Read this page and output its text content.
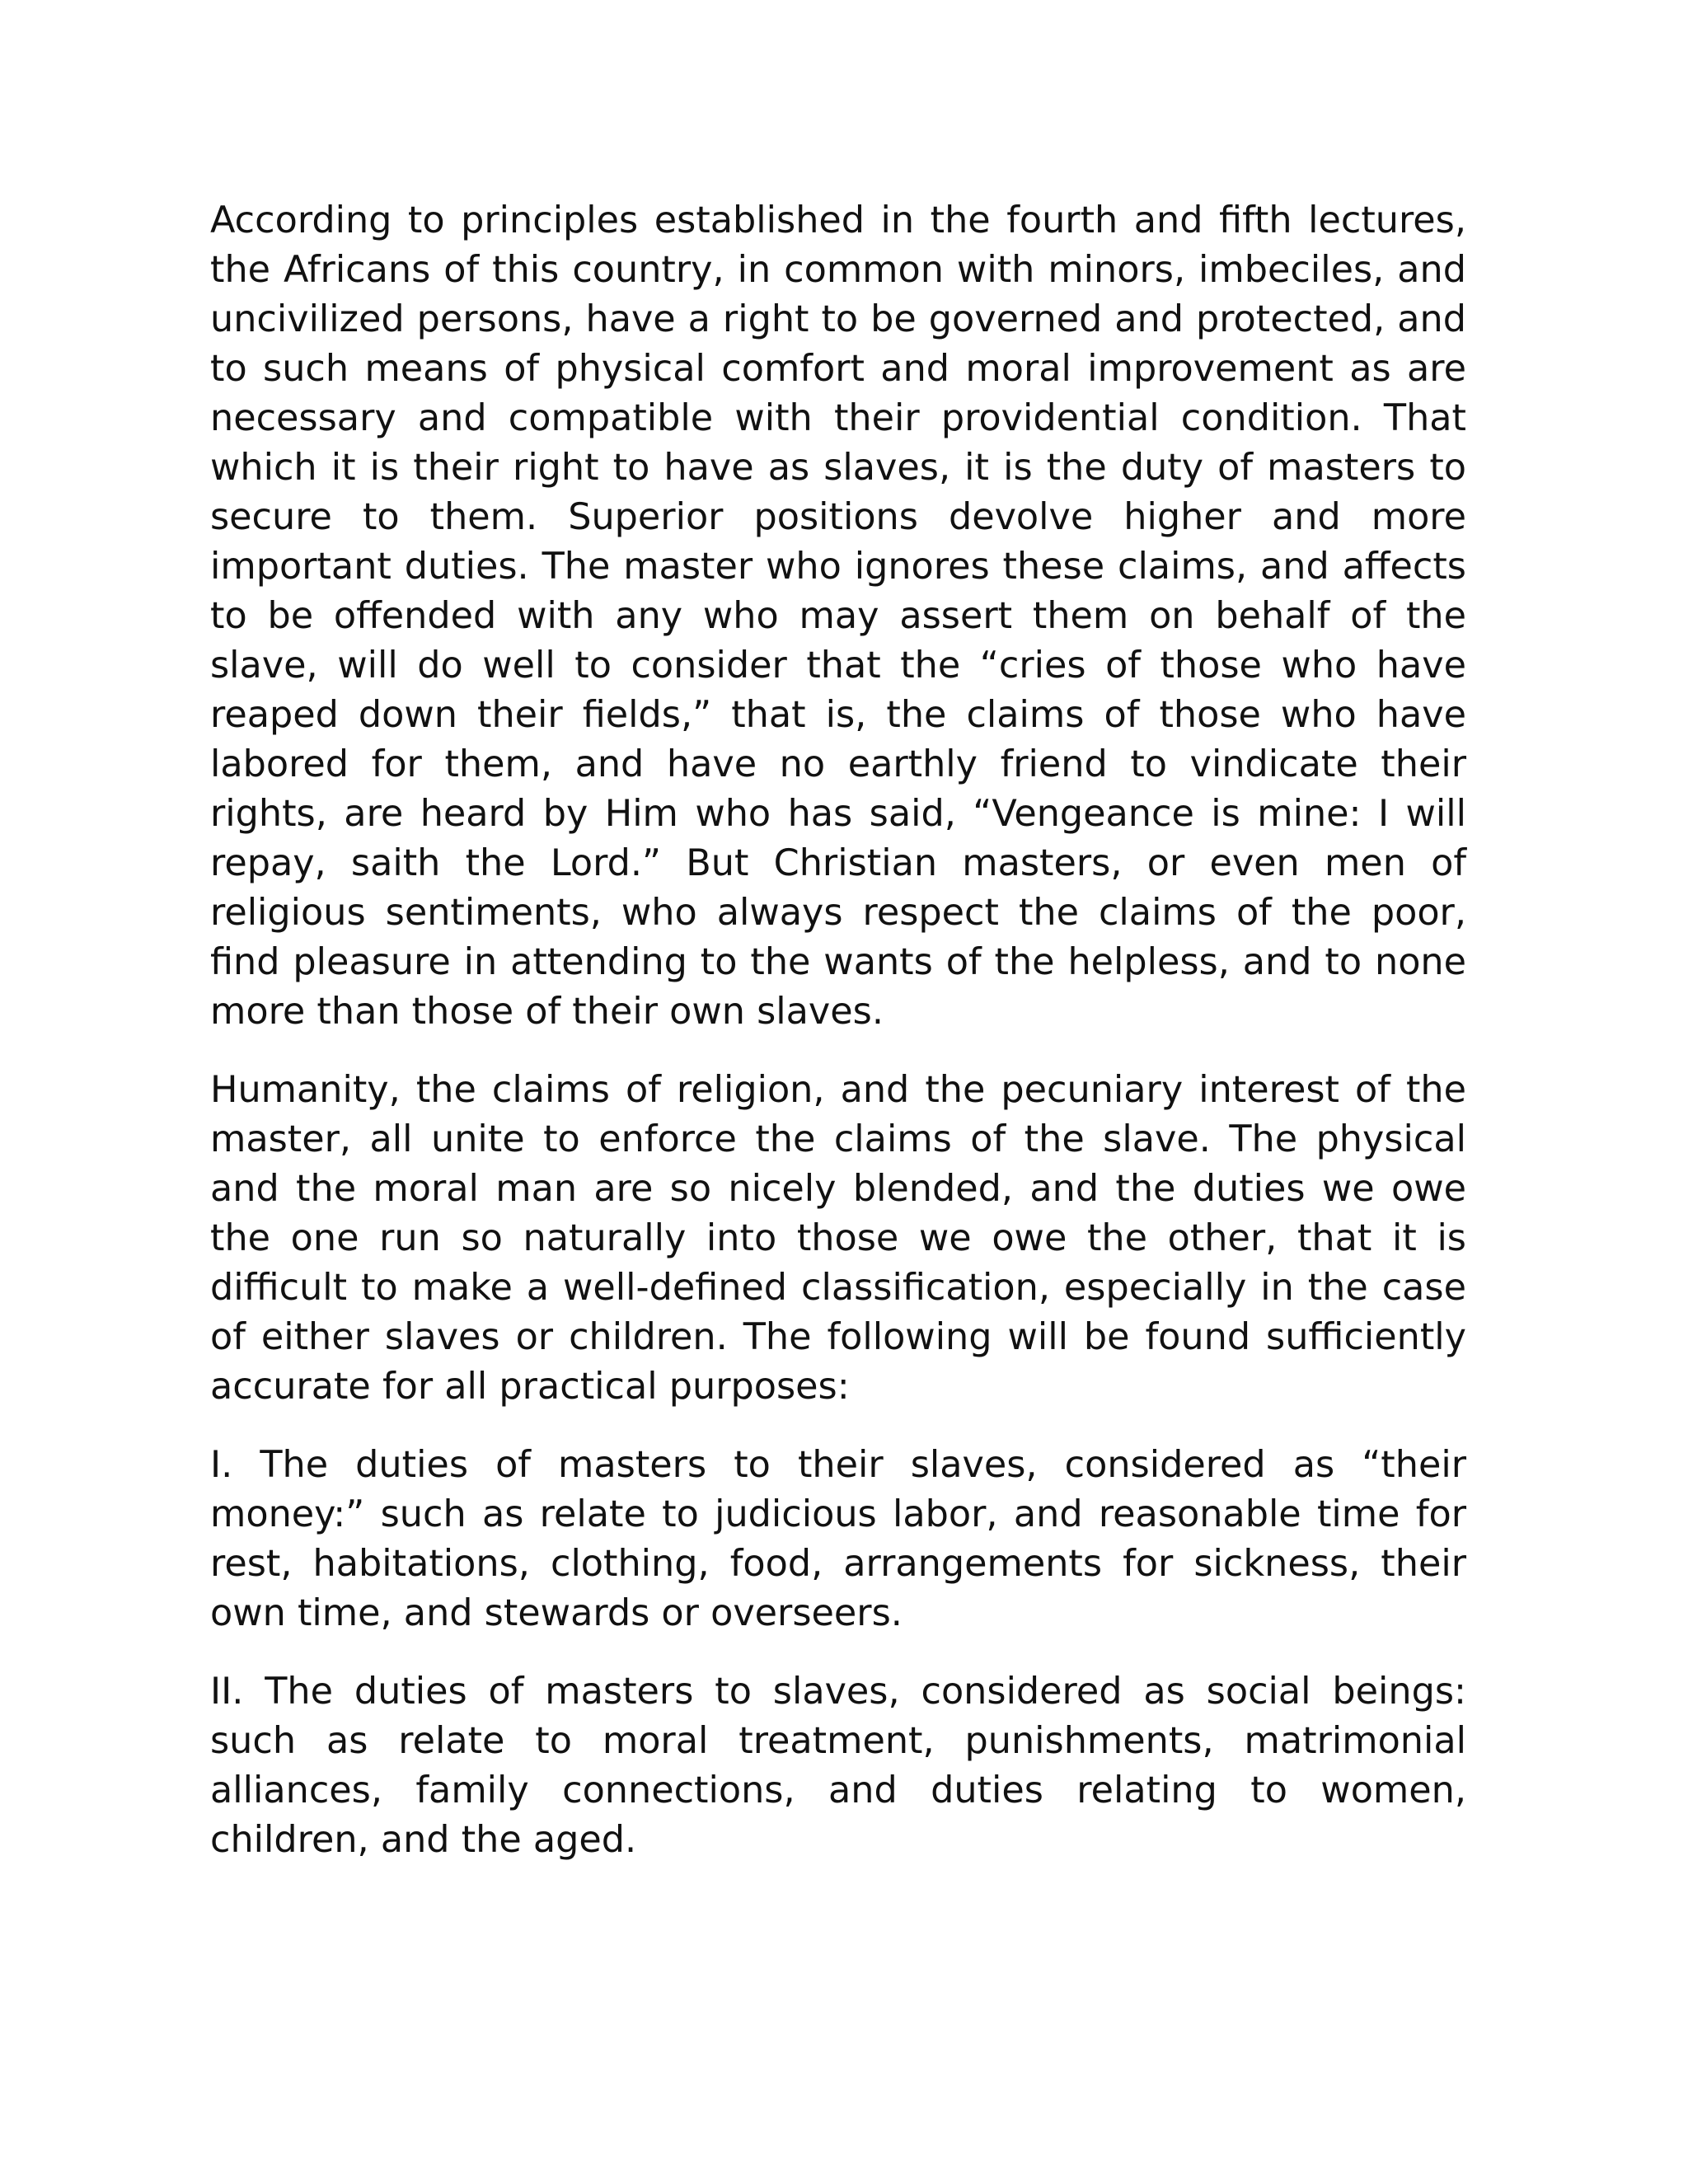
According to principles established in the fourth and fifth lectures, the Africans of this country, in common with minors, imbeciles, and uncivilized persons, have a right to be governed and protected, and to such means of physical comfort and moral improvement as are necessary and compatible with their providential condition. That which it is their right to have as slaves, it is the duty of masters to secure to them. Superior positions devolve higher and more important duties. The master who ignores these claims, and affects to be offended with any who may assert them on behalf of the slave, will do well to consider that the “cries of those who have reaped down their fields,” that is, the claims of those who have labored for them, and have no earthly friend to vindicate their rights, are heard by Him who has said, “Vengeance is mine: I will repay, saith the Lord.” But Christian masters, or even men of religious sentiments, who always respect the claims of the poor, find pleasure in attending to the wants of the helpless, and to none more than those of their own slaves.

Humanity, the claims of religion, and the pecuniary interest of the master, all unite to enforce the claims of the slave. The physical and the moral man are so nicely blended, and the duties we owe the one run so naturally into those we owe the other, that it is difficult to make a well-defined classification, especially in the case of either slaves or children. The following will be found sufficiently accurate for all practical purposes:

I. The duties of masters to their slaves, considered as “their money:” such as relate to judicious labor, and reasonable time for rest, habitations, clothing, food, arrangements for sickness, their own time, and stewards or overseers.

II. The duties of masters to slaves, considered as social beings: such as relate to moral treatment, punishments, matrimonial alliances, family connections, and duties relating to women, children, and the aged.
